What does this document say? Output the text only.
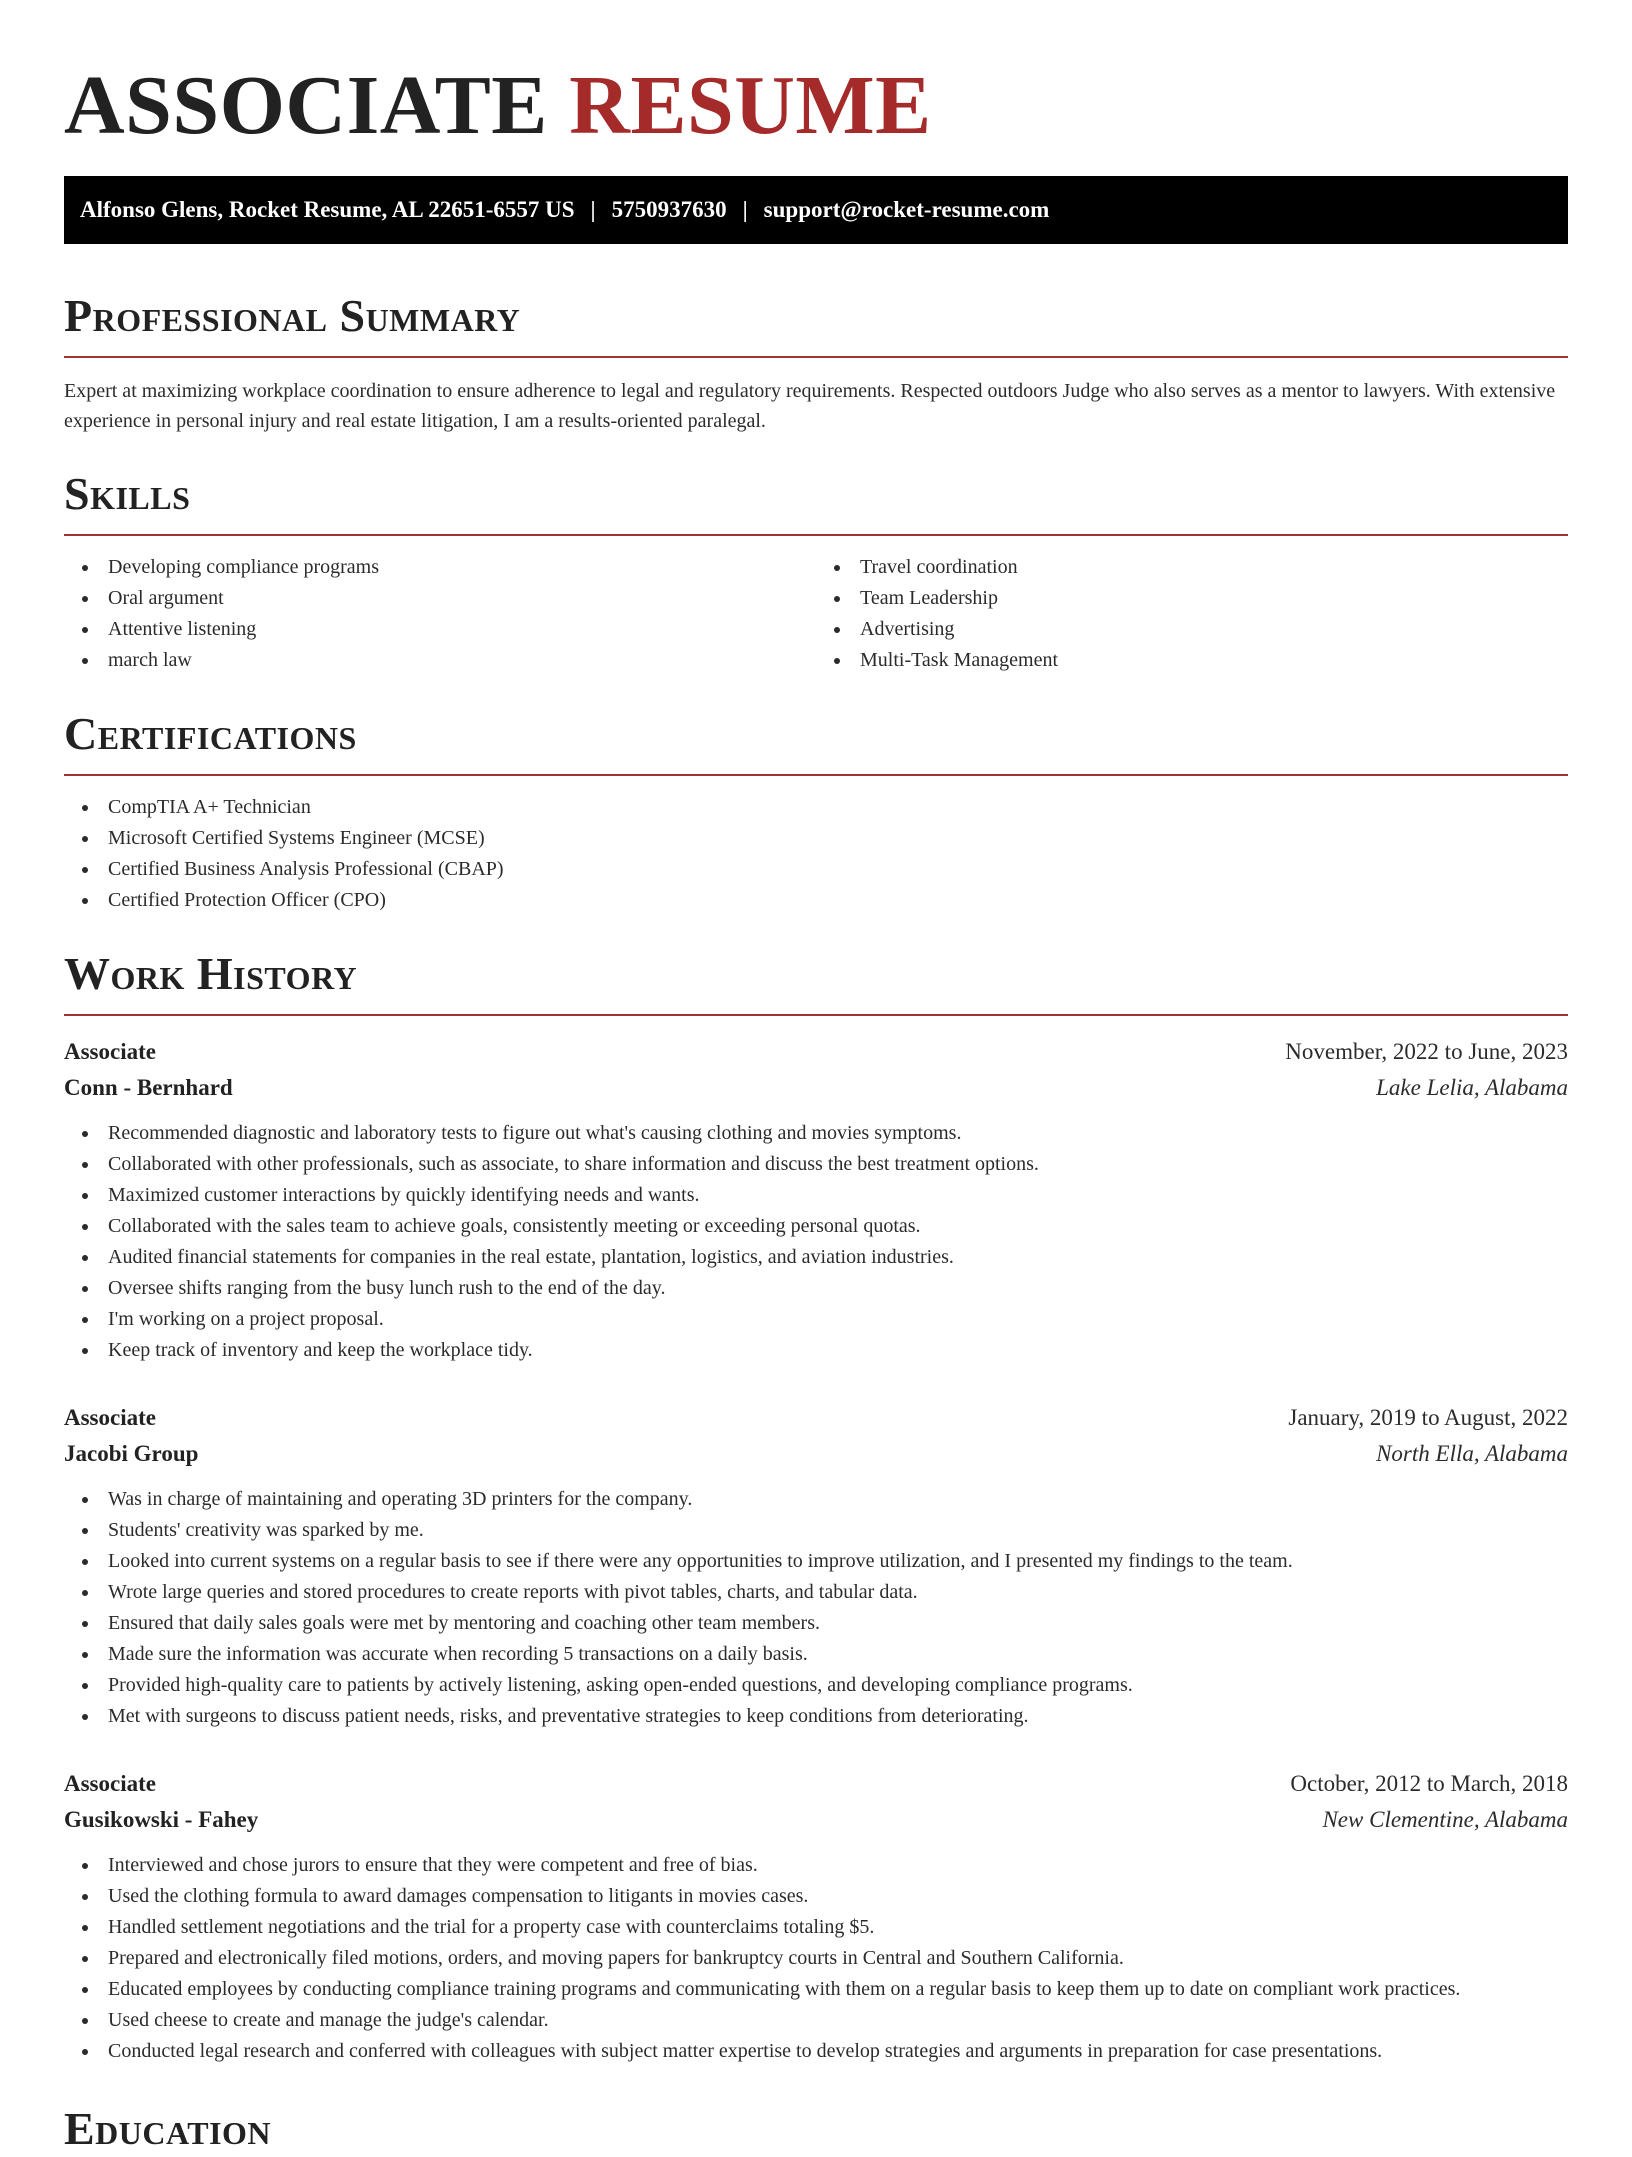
ASSOCIATE RESUME
Alfonso Glens, Rocket Resume, AL 22651-6557 US | 5750937630 | support@rocket-resume.com
Professional Summary

Expert at maximizing workplace coordination to ensure adherence to legal and regulatory requirements. Respected outdoors Judge who also serves as a mentor to lawyers. With extensive experience in personal injury and real estate litigation, I am a results-oriented paralegal.

Skills
Developing compliance programs
Oral argument
Attentive listening
march law
Travel coordination
Team Leadership
Advertising
Multi-Task Management
Certifications
CompTIA A+ Technician
Microsoft Certified Systems Engineer (MCSE)
Certified Business Analysis Professional (CBAP)
Certified Protection Officer (CPO)
Work History
Associate	November, 2022 to June, 2023
Conn - Bernhard	Lake Lelia, Alabama
Recommended diagnostic and laboratory tests to figure out what's causing clothing and movies symptoms.
Collaborated with other professionals, such as associate, to share information and discuss the best treatment options.
Maximized customer interactions by quickly identifying needs and wants.
Collaborated with the sales team to achieve goals, consistently meeting or exceeding personal quotas.
Audited financial statements for companies in the real estate, plantation, logistics, and aviation industries.
Oversee shifts ranging from the busy lunch rush to the end of the day.
I'm working on a project proposal.
Keep track of inventory and keep the workplace tidy.
Associate	January, 2019 to August, 2022
Jacobi Group	North Ella, Alabama
Was in charge of maintaining and operating 3D printers for the company.
Students' creativity was sparked by me.
Looked into current systems on a regular basis to see if there were any opportunities to improve utilization, and I presented my findings to the team.
Wrote large queries and stored procedures to create reports with pivot tables, charts, and tabular data.
Ensured that daily sales goals were met by mentoring and coaching other team members.
Made sure the information was accurate when recording 5 transactions on a daily basis.
Provided high-quality care to patients by actively listening, asking open-ended questions, and developing compliance programs.
Met with surgeons to discuss patient needs, risks, and preventative strategies to keep conditions from deteriorating.
Associate	October, 2012 to March, 2018
Gusikowski - Fahey	New Clementine, Alabama
Interviewed and chose jurors to ensure that they were competent and free of bias.
Used the clothing formula to award damages compensation to litigants in movies cases.
Handled settlement negotiations and the trial for a property case with counterclaims totaling $5.
Prepared and electronically filed motions, orders, and moving papers for bankruptcy courts in Central and Southern California.
Educated employees by conducting compliance training programs and communicating with them on a regular basis to keep them up to date on compliant work practices.
Used cheese to create and manage the judge's calendar.
Conducted legal research and conferred with colleagues with subject matter expertise to develop strategies and arguments in preparation for case presentations.
Education
